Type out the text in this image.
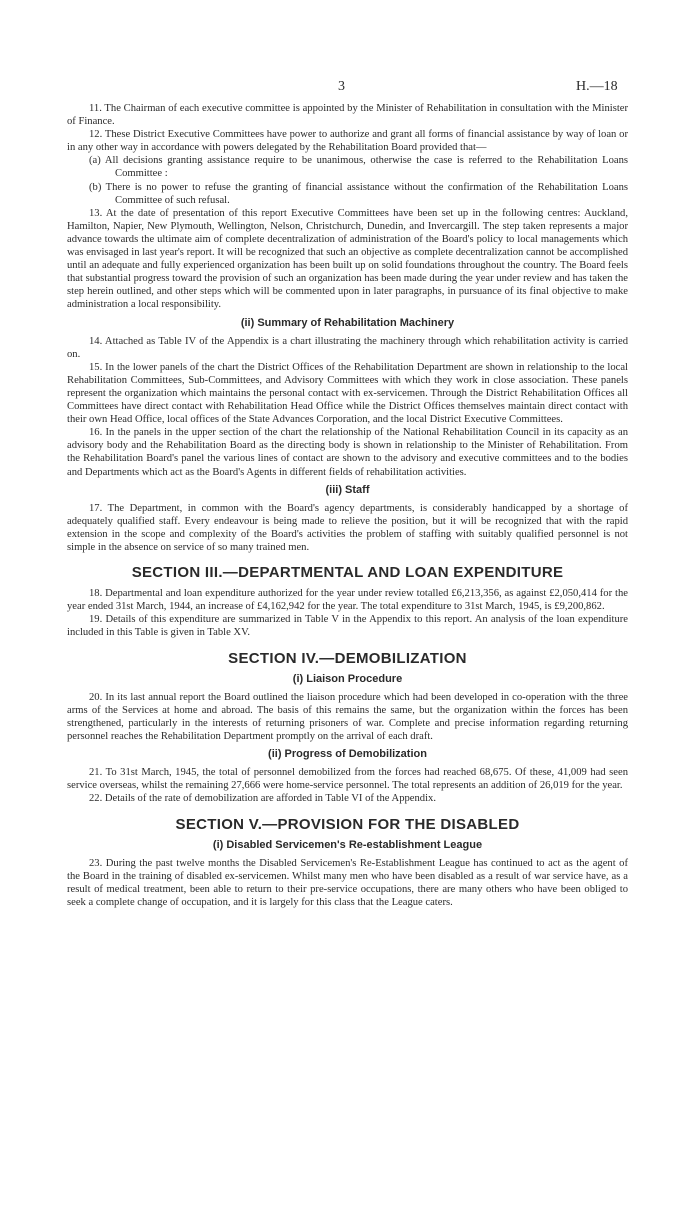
3	H.—18

11. The Chairman of each executive committee is appointed by the Minister of Rehabilitation in consultation with the Minister of Finance.

12. These District Executive Committees have power to authorize and grant all forms of financial assistance by way of loan or in any other way in accordance with powers delegated by the Rehabilitation Board provided that—

(a) All decisions granting assistance require to be unanimous, otherwise the case is referred to the Rehabilitation Loans Committee :

(b) There is no power to refuse the granting of financial assistance without the confirmation of the Rehabilitation Loans Committee of such refusal.

13. At the date of presentation of this report Executive Committees have been set up in the following centres: Auckland, Hamilton, Napier, New Plymouth, Wellington, Nelson, Christchurch, Dunedin, and Invercargill. The step taken represents a major advance towards the ultimate aim of complete decentralization of administration of the Board's policy to local managements which was envisaged in last year's report. It will be recognized that such an objective as complete decentralization cannot be accomplished until an adequate and fully experienced organization has been built up on solid foundations throughout the country. The Board feels that substantial progress toward the provision of such an organization has been made during the year under review and has taken the step herein outlined, and other steps which will be commented upon in later paragraphs, in pursuance of its final objective to make administration a local responsibility.

(ii) Summary of Rehabilitation Machinery

14. Attached as Table IV of the Appendix is a chart illustrating the machinery through which rehabilitation activity is carried on.

15. In the lower panels of the chart the District Offices of the Rehabilitation Department are shown in relationship to the local Rehabilitation Committees, Sub-Committees, and Advisory Committees with which they work in close association. These panels represent the organization which maintains the personal contact with ex-servicemen. Through the District Rehabilitation Offices all Committees have direct contact with Rehabilitation Head Office while the District Offices themselves maintain direct contact with their own Head Office, local offices of the State Advances Corporation, and the local District Executive Committees.

16. In the panels in the upper section of the chart the relationship of the National Rehabilitation Council in its capacity as an advisory body and the Rehabilitation Board as the directing body is shown in relationship to the Minister of Rehabilitation. From the Rehabilitation Board's panel the various lines of contact are shown to the advisory and executive committees and to the bodies and Departments which act as the Board's Agents in different fields of rehabilitation activities.

(iii) Staff

17. The Department, in common with the Board's agency departments, is considerably handicapped by a shortage of adequately qualified staff. Every endeavour is being made to relieve the position, but it will be recognized that with the rapid extension in the scope and complexity of the Board's activities the problem of staffing with suitably qualified personnel is not simple in the absence on service of so many trained men.

SECTION III.—DEPARTMENTAL AND LOAN EXPENDITURE

18. Departmental and loan expenditure authorized for the year under review totalled £6,213,356, as against £2,050,414 for the year ended 31st March, 1944, an increase of £4,162,942 for the year. The total expenditure to 31st March, 1945, is £9,200,862.

19. Details of this expenditure are summarized in Table V in the Appendix to this report. An analysis of the loan expenditure included in this Table is given in Table XV.

SECTION IV.—DEMOBILIZATION
(i) Liaison Procedure

20. In its last annual report the Board outlined the liaison procedure which had been developed in co-operation with the three arms of the Services at home and abroad. The basis of this remains the same, but the organization within the forces has been strengthened, particularly in the interests of returning prisoners of war. Complete and precise information regarding returning personnel reaches the Rehabilitation Department promptly on the arrival of each draft.

(ii) Progress of Demobilization

21. To 31st March, 1945, the total of personnel demobilized from the forces had reached 68,675. Of these, 41,009 had seen service overseas, whilst the remaining 27,666 were home-service personnel. The total represents an addition of 26,019 for the year.

22. Details of the rate of demobilization are afforded in Table VI of the Appendix.

SECTION V.—PROVISION FOR THE DISABLED
(i) Disabled Servicemen's Re-establishment League

23. During the past twelve months the Disabled Servicemen's Re-Establishment League has continued to act as the agent of the Board in the training of disabled ex-servicemen. Whilst many men who have been disabled as a result of war service have, as a result of medical treatment, been able to return to their pre-service occupations, there are many others who have been obliged to seek a complete change of occupation, and it is largely for this class that the League caters.
